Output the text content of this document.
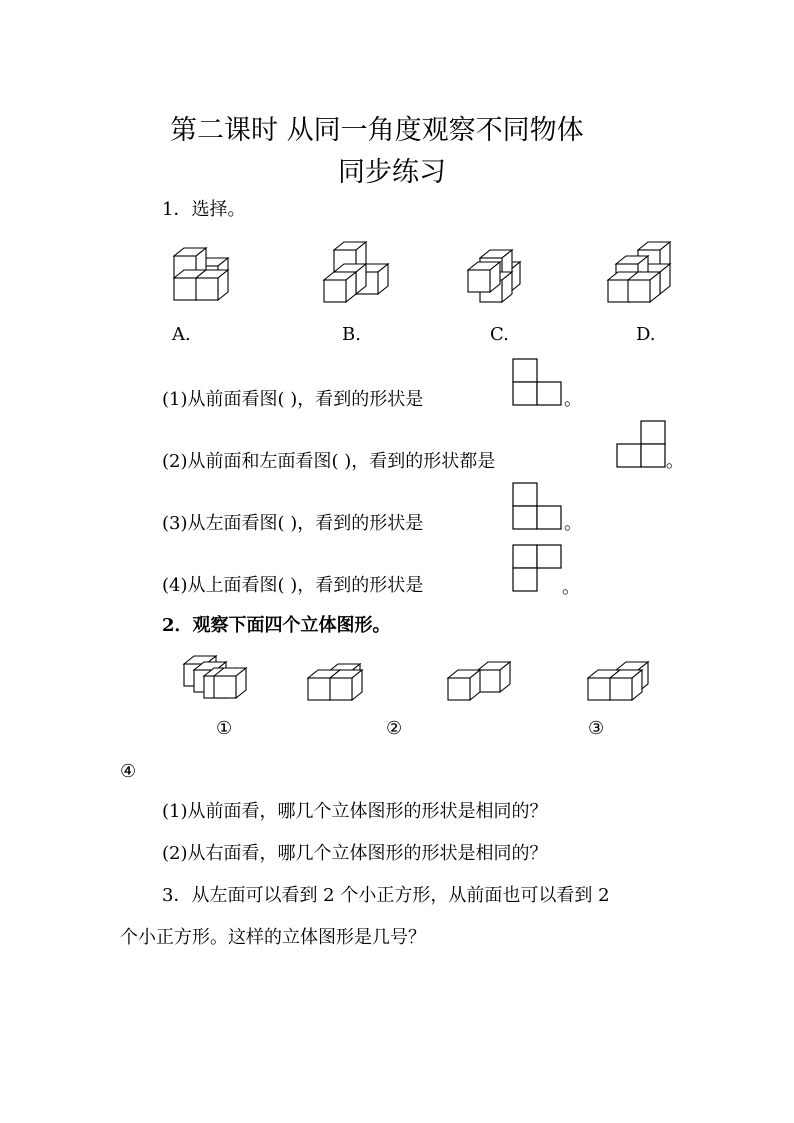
第二课时 从同一角度观察不同物体
同步练习
1．选择。
A.	B.	C.	D.
(1)从前面看图( )，看到的形状是	。
(2)从前面和左面看图( )，看到的形状都是	。
(3)从左面看图( )，看到的形状是	。
(4)从上面看图( )，看到的形状是	。
2．观察下面四个立体图形。
①	②	③
④
(1)从前面看，哪几个立体图形的形状是相同的？
(2)从右面看，哪几个立体图形的形状是相同的？
3．从左面可以看到 2 个小正方形，从前面也可以看到 2
个小正方形。这样的立体图形是几号？
